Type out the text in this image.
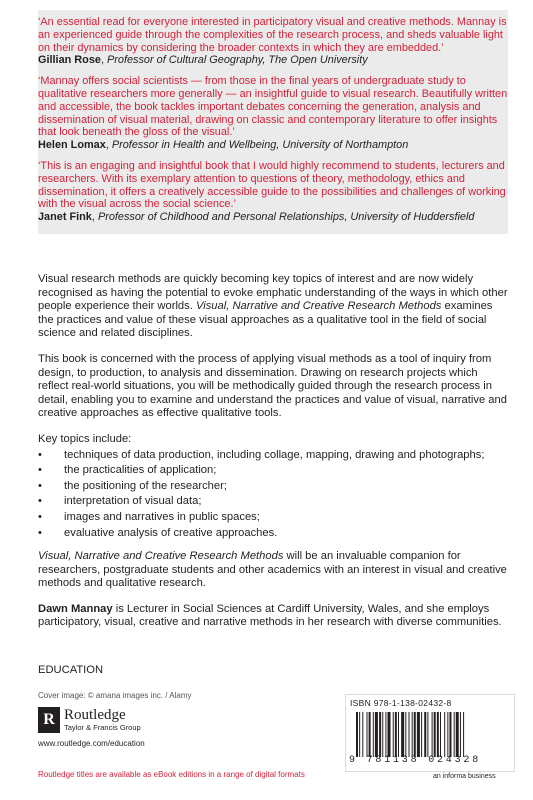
‘An essential read for everyone interested in participatory visual and creative methods. Mannay is an experienced guide through the complexities of the research process, and sheds valuable light on their dynamics by considering the broader contexts in which they are embedded.’

Gillian Rose, Professor of Cultural Geography, The Open University

‘Mannay offers social scientists — from those in the final years of undergraduate study to qualitative researchers more generally — an insightful guide to visual research. Beautifully written and accessible, the book tackles important debates concerning the generation, analysis and dissemination of visual material, drawing on classic and contemporary literature to offer insights that look beneath the gloss of the visual.’

Helen Lomax, Professor in Health and Wellbeing, University of Northampton

‘This is an engaging and insightful book that I would highly recommend to students, lecturers and researchers. With its exemplary attention to questions of theory, methodology, ethics and dissemination, it offers a creatively accessible guide to the possibilities and challenges of working with the visual across the social science.’

Janet Fink, Professor of Childhood and Personal Relationships, University of Huddersfield

Visual research methods are quickly becoming key topics of interest and are now widely recognised as having the potential to evoke emphatic understanding of the ways in which other people experience their worlds. Visual, Narrative and Creative Research Methods examines the practices and value of these visual approaches as a qualitative tool in the field of social science and related disciplines.

This book is concerned with the process of applying visual methods as a tool of inquiry from design, to production, to analysis and dissemination. Drawing on research projects which reflect real-world situations, you will be methodically guided through the research process in detail, enabling you to examine and understand the practices and value of visual, narrative and creative approaches as effective qualitative tools.

Key topics include:
• techniques of data production, including collage, mapping, drawing and photographs;
• the practicalities of application;
• the positioning of the researcher;
• interpretation of visual data;
• images and narratives in public spaces;
• evaluative analysis of creative approaches.

Visual, Narrative and Creative Research Methods will be an invaluable companion for researchers, postgraduate students and other academics with an interest in visual and creative methods and qualitative research.

Dawn Mannay is Lecturer in Social Sciences at Cardiff University, Wales, and she employs participatory, visual, creative and narrative methods in her research with diverse communities.

EDUCATION
Cover image: © amana images inc. / Alamy
R Routledge
Taylor & Francis Group
www.routledge.com/education
Routledge titles are available as eBook editions in a range of digital formats
ISBN 978-1-138-02432-8
9 781138 024328
an informa business
